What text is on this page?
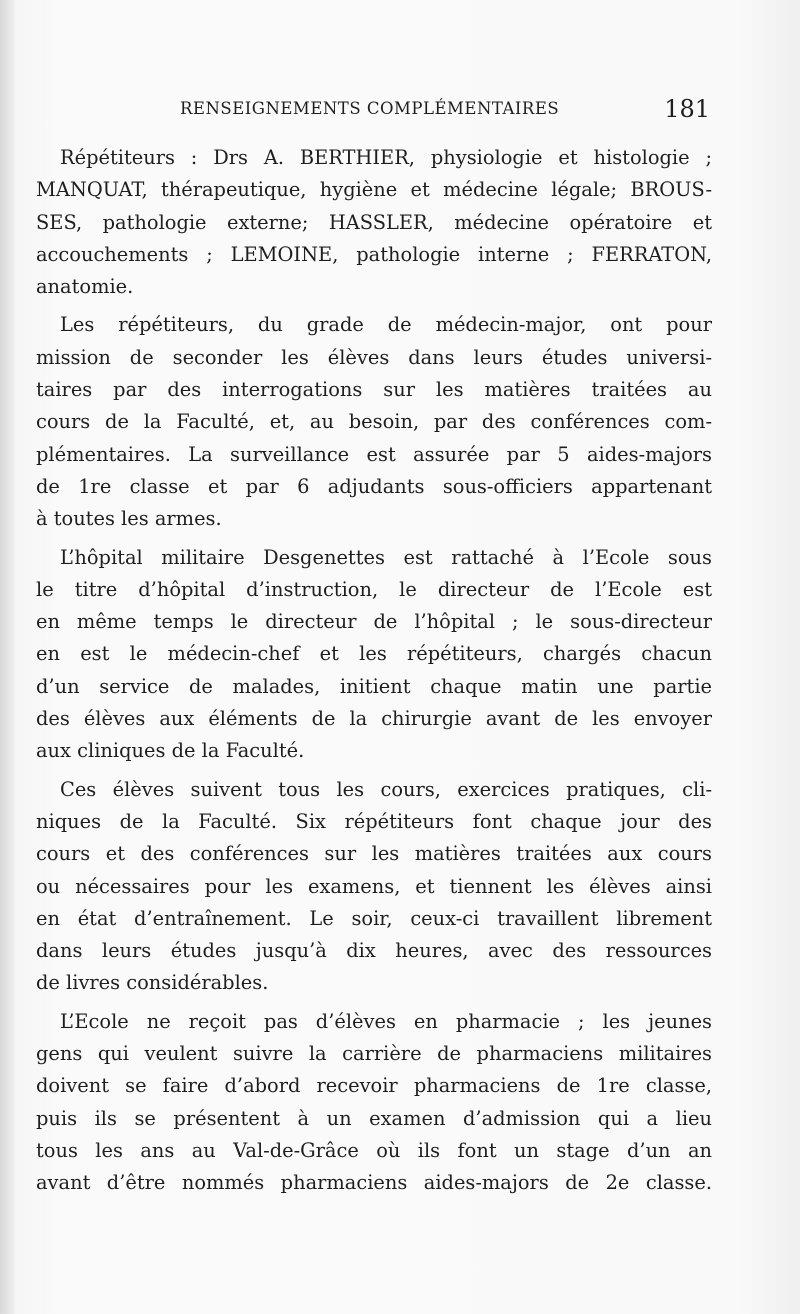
RENSEIGNEMENTS COMPLÉMENTAIRES	181
Répétiteurs : Drs A. BERTHIER, physiologie et histologie ;
MANQUAT, thérapeutique, hygiène et médecine légale; BROUS-
SES, pathologie externe; HASSLER, médecine opératoire et
accouchements ; LEMOINE, pathologie interne ; FERRATON,
anatomie.
Les répétiteurs, du grade de médecin-major, ont pour
mission de seconder les élèves dans leurs études universi-
taires par des interrogations sur les matières traitées au
cours de la Faculté, et, au besoin, par des conférences com-
plémentaires. La surveillance est assurée par 5 aides-majors
de 1re classe et par 6 adjudants sous-officiers appartenant
à toutes les armes.
L’hôpital militaire Desgenettes est rattaché à l’Ecole sous
le titre d’hôpital d’instruction, le directeur de l’Ecole est
en même temps le directeur de l’hôpital ; le sous-directeur
en est le médecin-chef et les répétiteurs, chargés chacun
d’un service de malades, initient chaque matin une partie
des élèves aux éléments de la chirurgie avant de les envoyer
aux cliniques de la Faculté.
Ces élèves suivent tous les cours, exercices pratiques, cli-
niques de la Faculté. Six répétiteurs font chaque jour des
cours et des conférences sur les matières traitées aux cours
ou nécessaires pour les examens, et tiennent les élèves ainsi
en état d’entraînement. Le soir, ceux-ci travaillent librement
dans leurs études jusqu’à dix heures, avec des ressources
de livres considérables.
L’Ecole ne reçoit pas d’élèves en pharmacie ; les jeunes
gens qui veulent suivre la carrière de pharmaciens militaires
doivent se faire d’abord recevoir pharmaciens de 1re classe,
puis ils se présentent à un examen d’admission qui a lieu
tous les ans au Val-de-Grâce où ils font un stage d’un an
avant d’être nommés pharmaciens aides-majors de 2e classe.
